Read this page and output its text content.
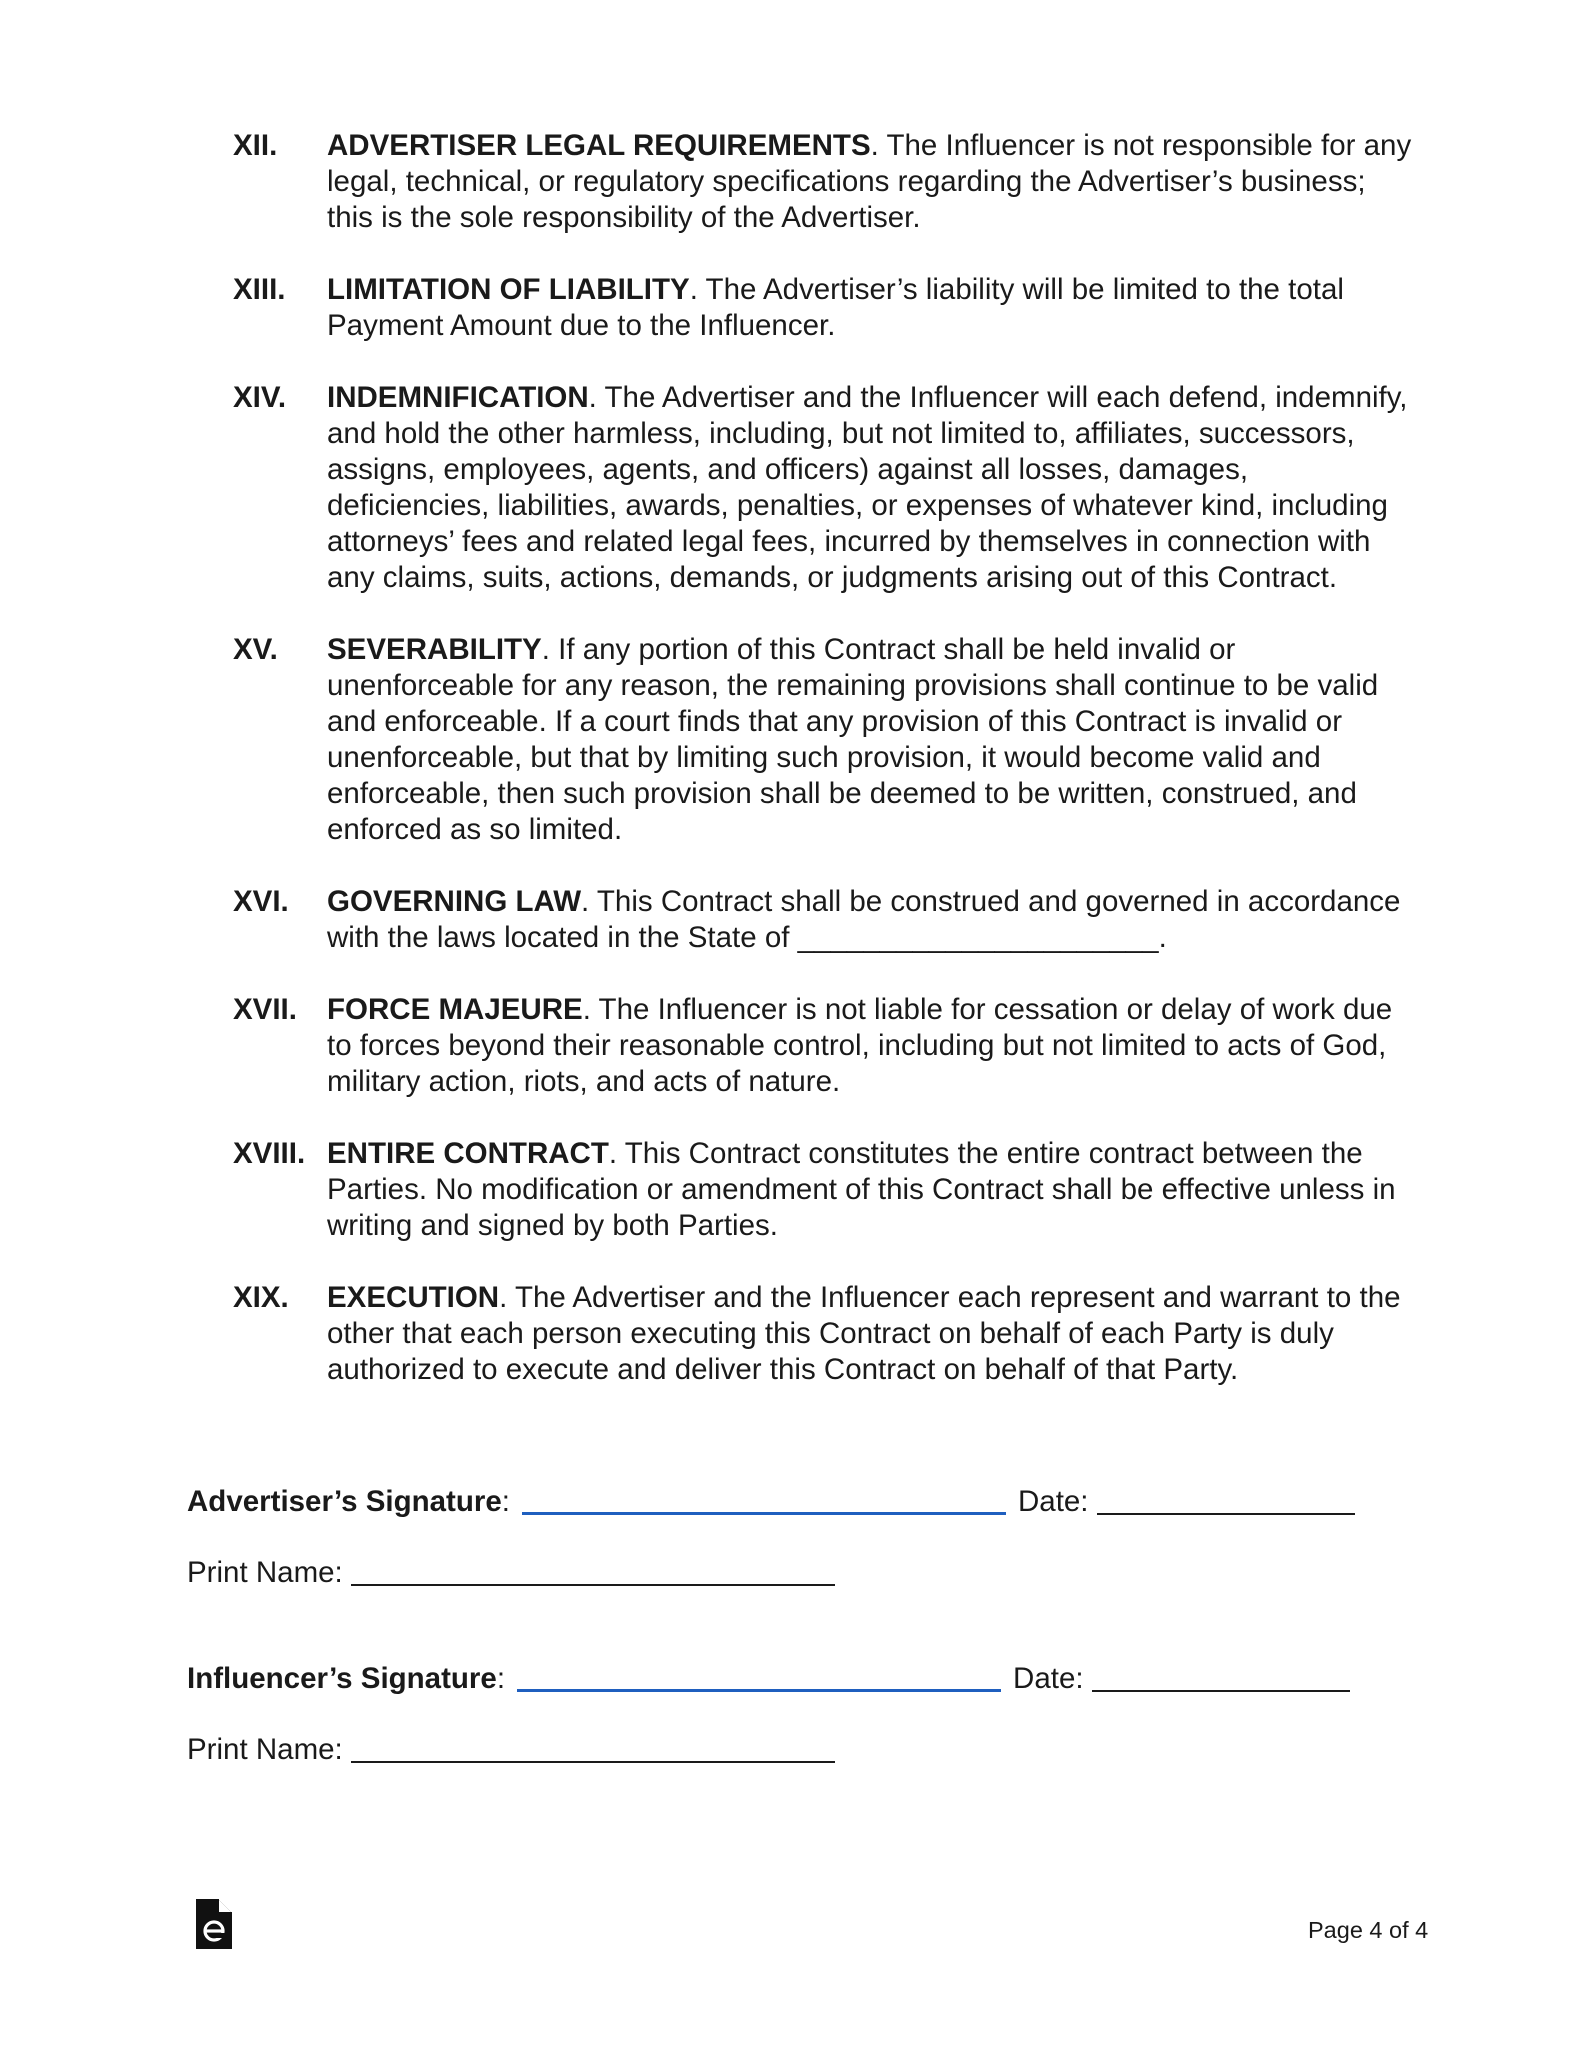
XII.	ADVERTISER LEGAL REQUIREMENTS. The Influencer is not responsible for any legal, technical, or regulatory specifications regarding the Advertiser’s business; this is the sole responsibility of the Advertiser.
XIII.	LIMITATION OF LIABILITY. The Advertiser’s liability will be limited to the total Payment Amount due to the Influencer.
XIV.	INDEMNIFICATION. The Advertiser and the Influencer will each defend, indemnify, and hold the other harmless, including, but not limited to, affiliates, successors, assigns, employees, agents, and officers) against all losses, damages, deficiencies, liabilities, awards, penalties, or expenses of whatever kind, including attorneys’ fees and related legal fees, incurred by themselves in connection with any claims, suits, actions, demands, or judgments arising out of this Contract.
XV.	SEVERABILITY. If any portion of this Contract shall be held invalid or unenforceable for any reason, the remaining provisions shall continue to be valid and enforceable. If a court finds that any provision of this Contract is invalid or unenforceable, but that by limiting such provision, it would become valid and enforceable, then such provision shall be deemed to be written, construed, and enforced as so limited.
XVI.	GOVERNING LAW. This Contract shall be construed and governed in accordance with the laws located in the State of ______________________.
XVII.	FORCE MAJEURE. The Influencer is not liable for cessation or delay of work due to forces beyond their reasonable control, including but not limited to acts of God, military action, riots, and acts of nature.
XVIII. ENTIRE CONTRACT. This Contract constitutes the entire contract between the Parties. No modification or amendment of this Contract shall be effective unless in writing and signed by both Parties.
XIX.	EXECUTION. The Advertiser and the Influencer each represent and warrant to the other that each person executing this Contract on behalf of each Party is duly authorized to execute and deliver this Contract on behalf of that Party.
Advertiser’s Signature:	Date:
Print Name:
Influencer’s Signature:	Date:
Print Name:
Page 4 of 4
